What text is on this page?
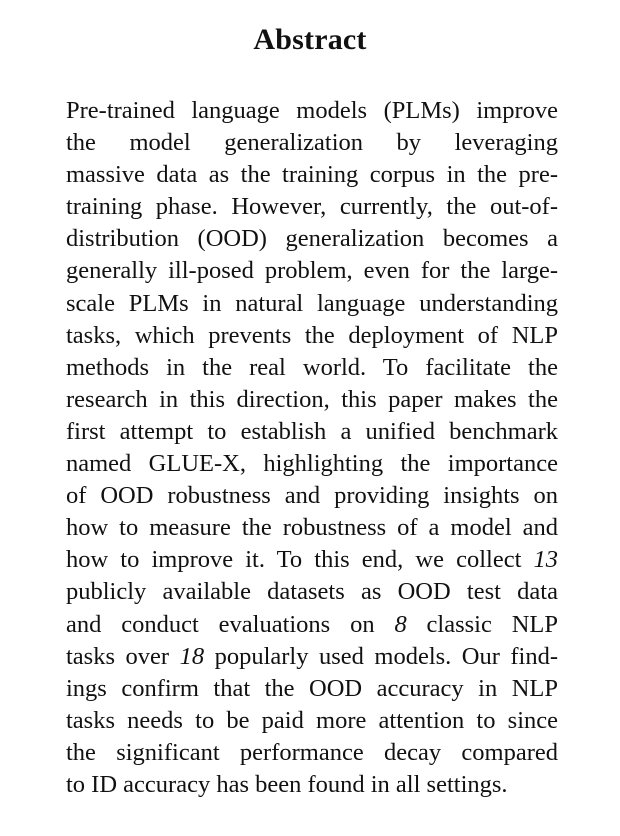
Abstract
Pre-trained language models (PLMs) improve
the model generalization by leveraging
massive data as the training corpus in the pre-
training phase. However, currently, the out-of-
distribution (OOD) generalization becomes a
generally ill-posed problem, even for the large-
scale PLMs in natural language understanding
tasks, which prevents the deployment of NLP
methods in the real world. To facilitate the
research in this direction, this paper makes the
first attempt to establish a unified benchmark
named GLUE-X, highlighting the importance
of OOD robustness and providing insights on
how to measure the robustness of a model and
how to improve it. To this end, we collect 13
publicly available datasets as OOD test data
and conduct evaluations on 8 classic NLP
tasks over 18 popularly used models. Our find-
ings confirm that the OOD accuracy in NLP
tasks needs to be paid more attention to since
the significant performance decay compared
to ID accuracy has been found in all settings.
